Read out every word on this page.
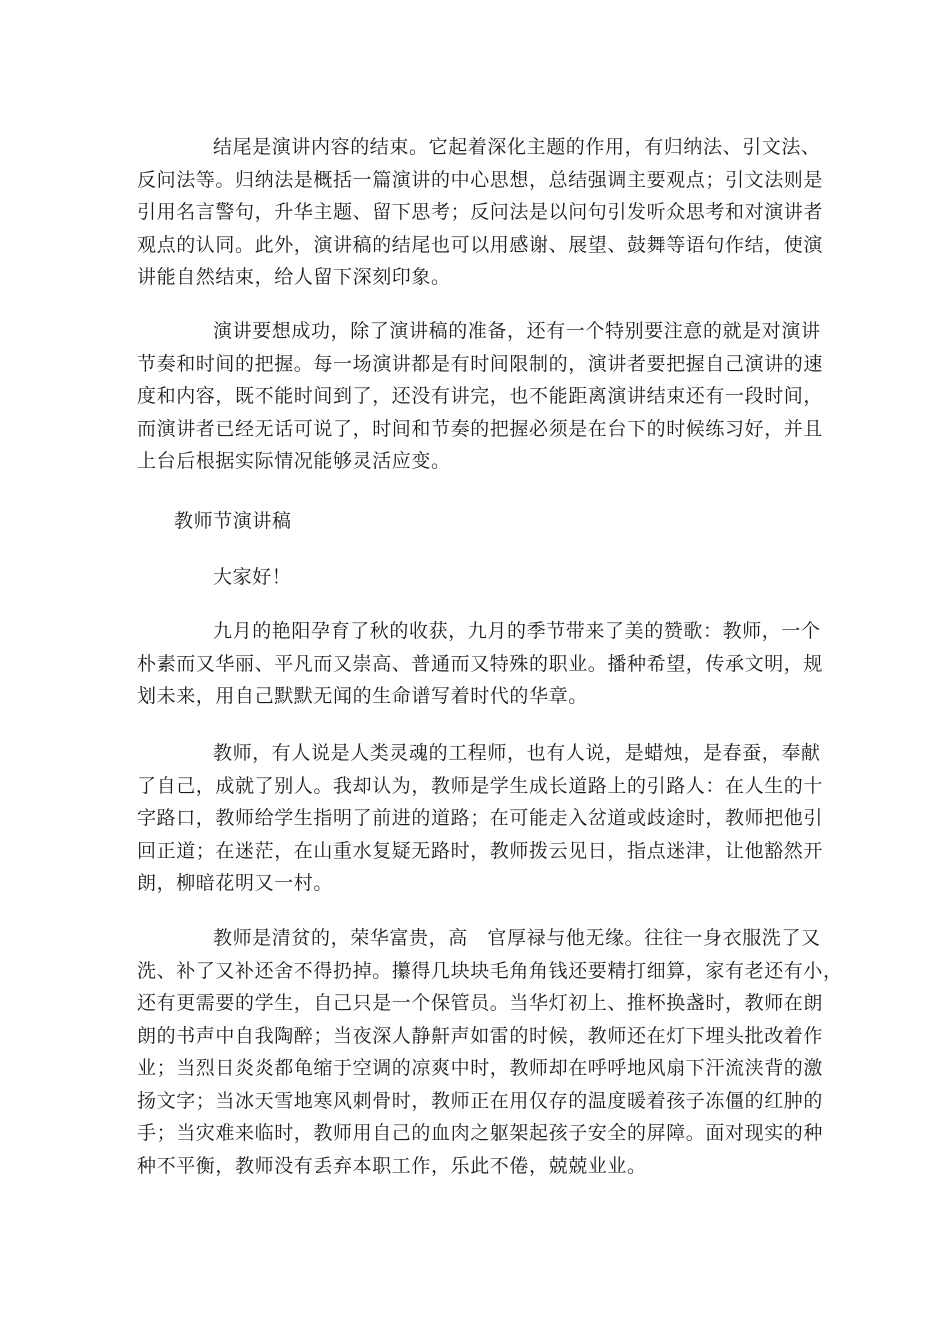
结尾是演讲内容的结束。它起着深化主题的作用，有归纳法、引文法、
反问法等。归纳法是概括一篇演讲的中心思想，总结强调主要观点；引文法则是
引用名言警句，升华主题、留下思考；反问法是以问句引发听众思考和对演讲者
观点的认同。此外，演讲稿的结尾也可以用感谢、展望、鼓舞等语句作结，使演
讲能自然结束，给人留下深刻印象。
演讲要想成功，除了演讲稿的准备，还有一个特别要注意的就是对演讲
节奏和时间的把握。每一场演讲都是有时间限制的，演讲者要把握自己演讲的速
度和内容，既不能时间到了，还没有讲完，也不能距离演讲结束还有一段时间，
而演讲者已经无话可说了，时间和节奏的把握必须是在台下的时候练习好，并且
上台后根据实际情况能够灵活应变。
教师节演讲稿
大家好！
九月的艳阳孕育了秋的收获，九月的季节带来了美的赞歌：教师，一个
朴素而又华丽、平凡而又崇高、普通而又特殊的职业。播种希望，传承文明，规
划未来，用自己默默无闻的生命谱写着时代的华章。
教师，有人说是人类灵魂的工程师，也有人说，是蜡烛，是春蚕，奉献
了自己，成就了别人。我却认为，教师是学生成长道路上的引路人：在人生的十
字路口，教师给学生指明了前进的道路；在可能走入岔道或歧途时，教师把他引
回正道；在迷茫，在山重水复疑无路时，教师拨云见日，指点迷津，让他豁然开
朗，柳暗花明又一村。
教师是清贫的，荣华富贵，高　官厚禄与他无缘。往往一身衣服洗了又
洗、补了又补还舍不得扔掉。攥得几块块毛角角钱还要精打细算，家有老还有小，
还有更需要的学生，自己只是一个保管员。当华灯初上、推杯换盏时，教师在朗
朗的书声中自我陶醉；当夜深人静鼾声如雷的时候，教师还在灯下埋头批改着作
业；当烈日炎炎都龟缩于空调的凉爽中时，教师却在呼呼地风扇下汗流浃背的激
扬文字；当冰天雪地寒风刺骨时，教师正在用仅存的温度暖着孩子冻僵的红肿的
手；当灾难来临时，教师用自己的血肉之躯架起孩子安全的屏障。面对现实的种
种不平衡，教师没有丢弃本职工作，乐此不倦，兢兢业业。
